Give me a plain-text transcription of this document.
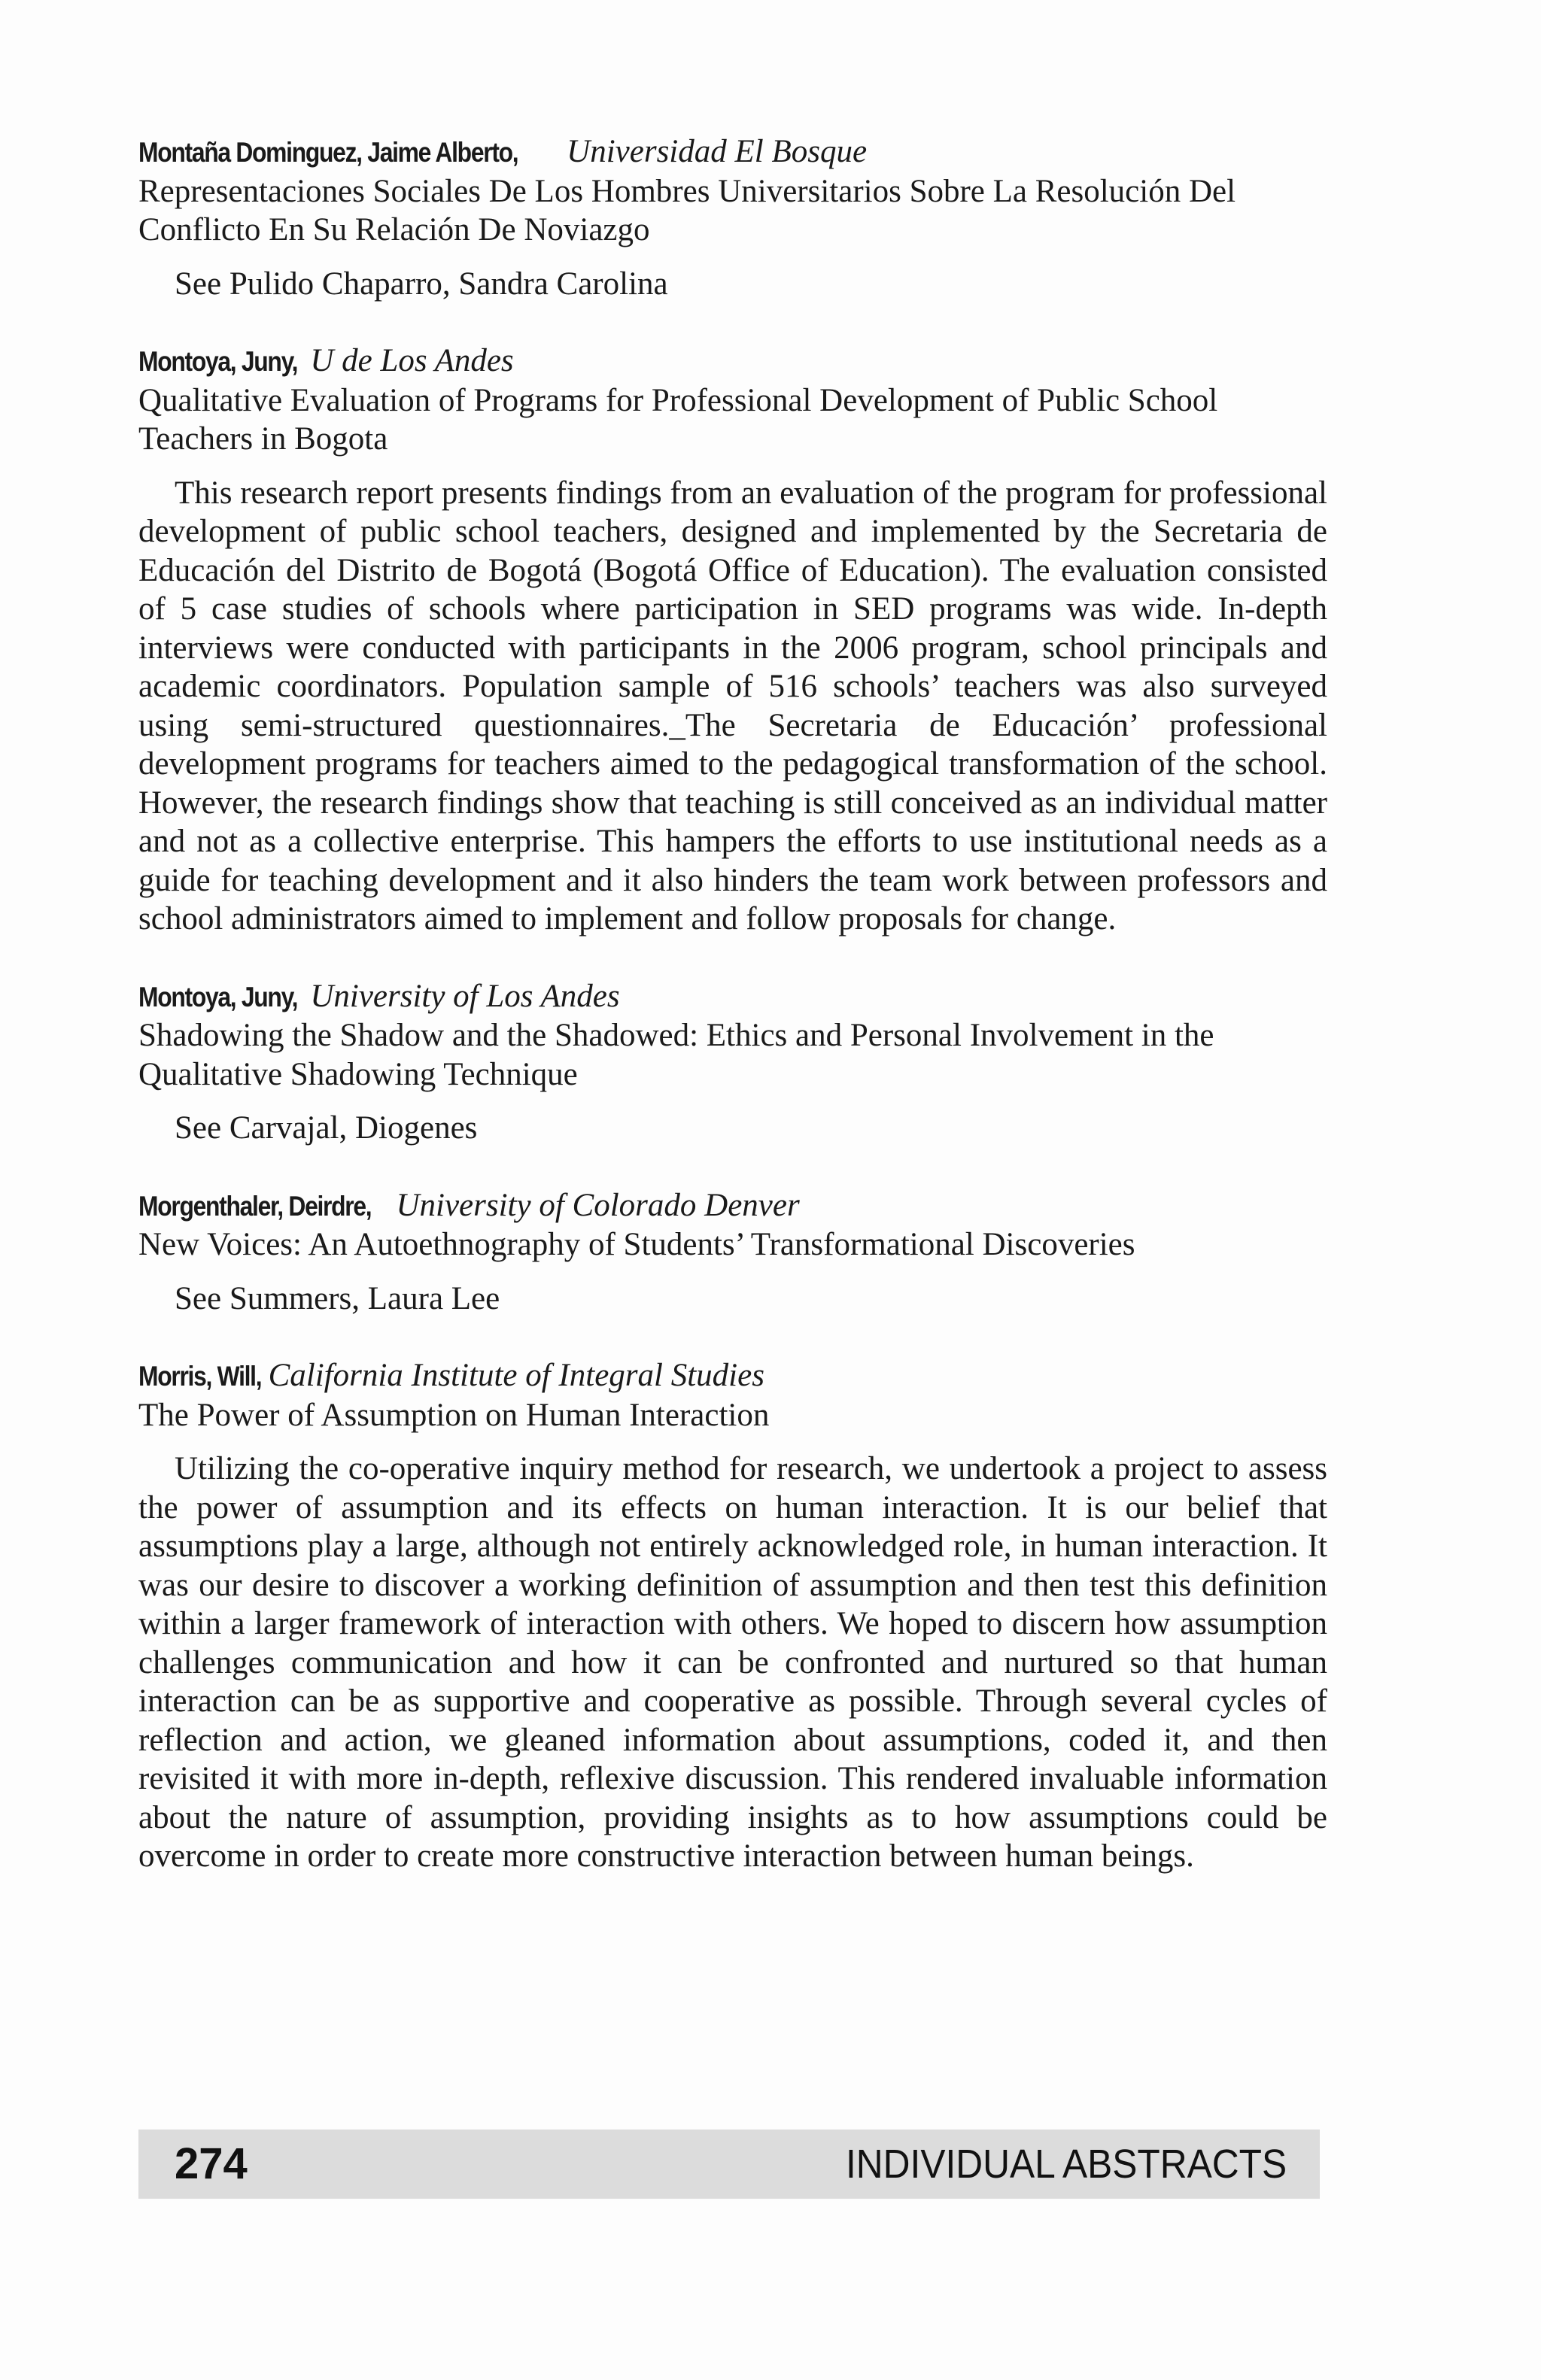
Montaña Dominguez, Jaime Alberto, Universidad El Bosque

Representaciones Sociales De Los Hombres Universitarios Sobre La Resolución Del Conflicto En Su Relación De Noviazgo

See Pulido Chaparro, Sandra Carolina

Montoya, Juny, U de Los Andes

Qualitative Evaluation of Programs for Professional Development of Public School Teachers in Bogota

This research report presents findings from an evaluation of the program for professional development of public school teachers, designed and implemented by the Secretaria de Educación del Distrito de Bogotá (Bogotá Office of Education). The evaluation consisted of 5 case studies of schools where participation in SED programs was wide. In-depth interviews were conducted with participants in the 2006 program, school principals and academic coordinators. Population sample of 516 schools’ teachers was also surveyed using semi-structured questionnaires._The Secretaria de Educación’ professional development programs for teachers aimed to the pedagogical transformation of the school. However, the research findings show that teaching is still conceived as an individual matter and not as a collective enterprise. This hampers the efforts to use institutional needs as a guide for teaching development and it also hinders the team work between professors and school administrators aimed to implement and follow proposals for change.

Montoya, Juny, University of Los Andes

Shadowing the Shadow and the Shadowed: Ethics and Personal Involvement in the Qualitative Shadowing Technique

See Carvajal, Diogenes

Morgenthaler, Deirdre, University of Colorado Denver

New Voices: An Autoethnography of Students’ Transformational Discoveries

See Summers, Laura Lee

Morris, Will, California Institute of Integral Studies

The Power of Assumption on Human Interaction

Utilizing the co-operative inquiry method for research, we undertook a project to assess the power of assumption and its effects on human interaction. It is our belief that assumptions play a large, although not entirely acknowledged role, in human interaction. It was our desire to discover a working definition of assumption and then test this definition within a larger framework of interaction with others. We hoped to discern how assumption challenges communication and how it can be confronted and nurtured so that human interaction can be as supportive and cooperative as possible. Through several cycles of reflection and action, we gleaned information about assumptions, coded it, and then revisited it with more in-depth, reflexive discussion. This rendered invaluable information about the nature of assumption, providing insights as to how assumptions could be overcome in order to create more constructive interaction between human beings.

274	INDIVIDUAL ABSTRACTS
